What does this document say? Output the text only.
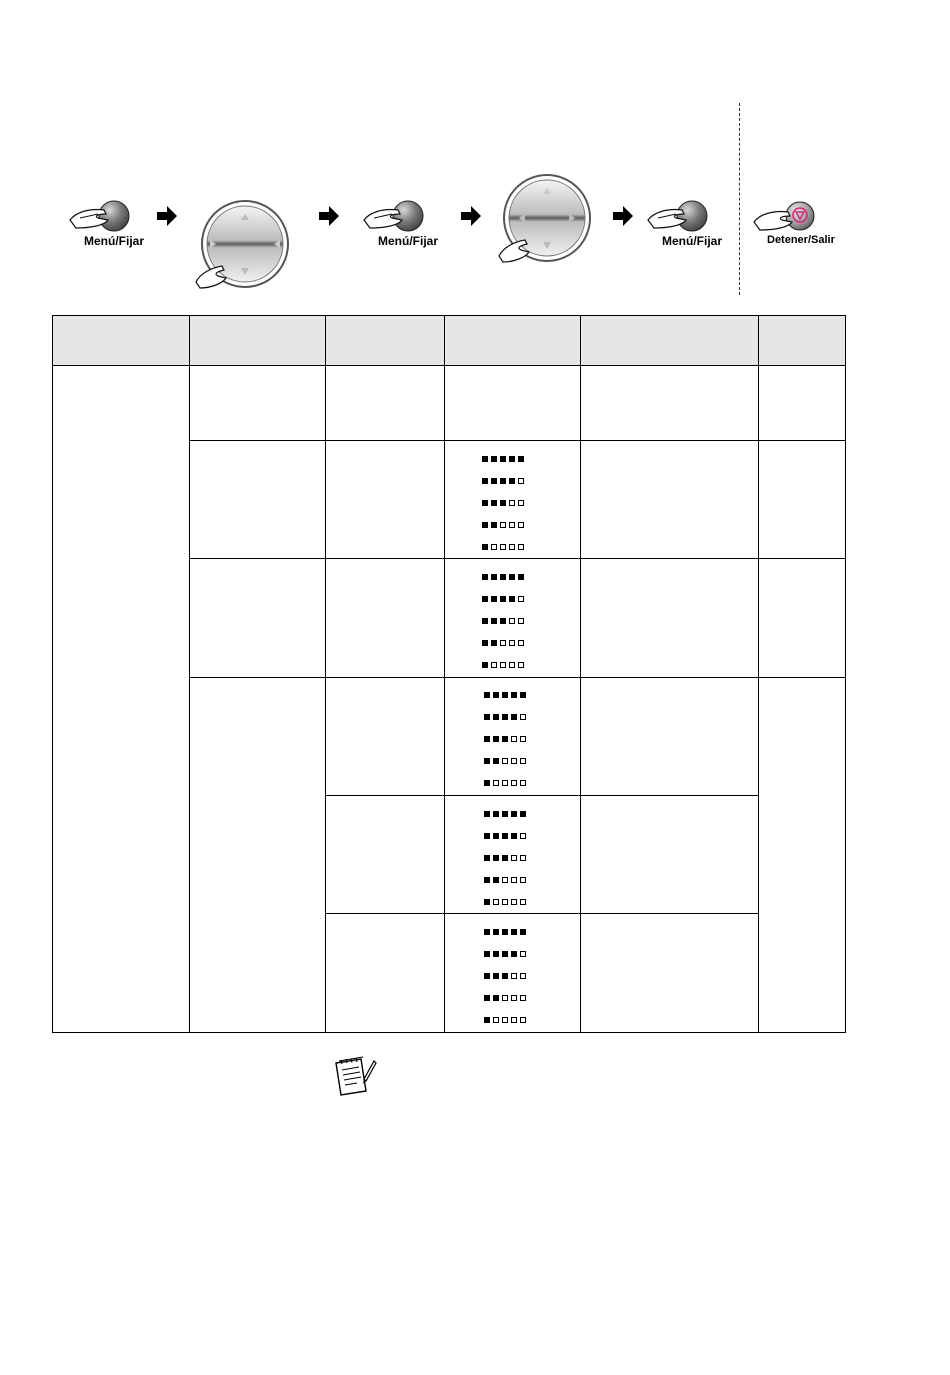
Menú/Fijar	Menú/Fijar	Menú/Fijar	Detener/Salir
